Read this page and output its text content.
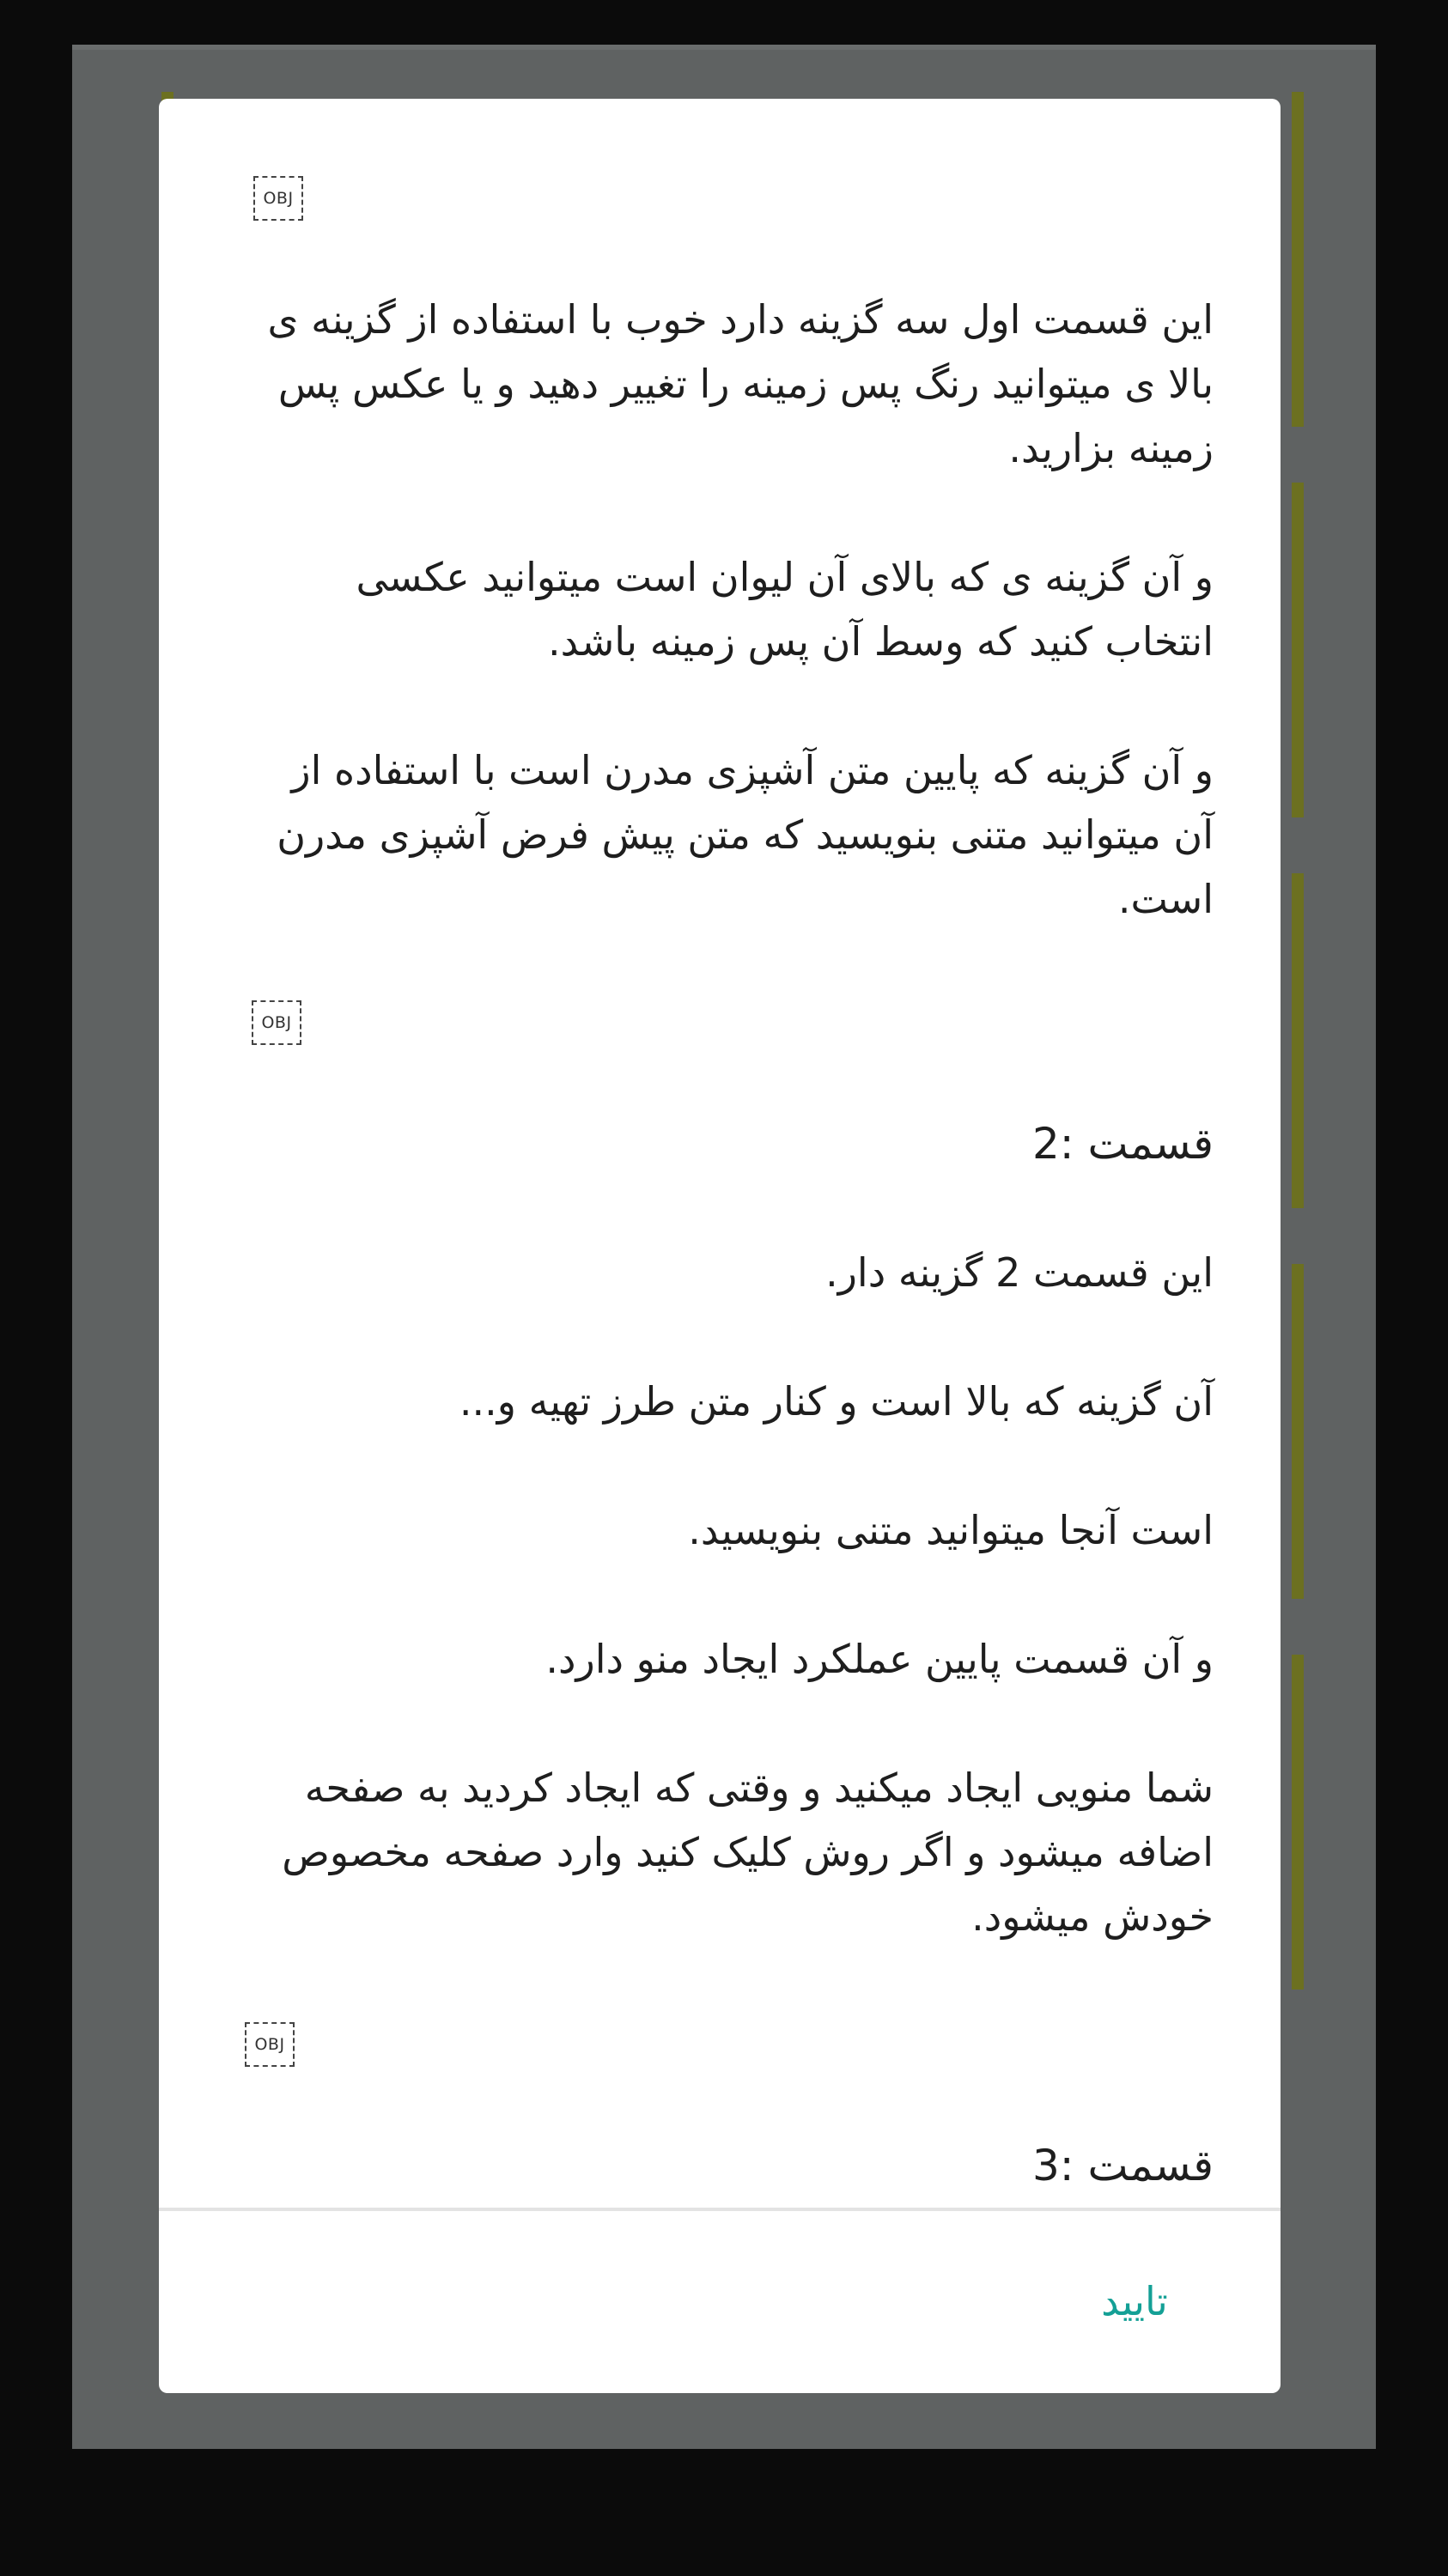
OBJ
این قسمت اول سه گزینه دارد خوب با استفاده از گزینه ی بالا ی میتوانید رنگ پس زمینه را تغییر دهید و یا عکس پس زمینه بزارید.
و آن گزینه ی که بالای آن لیوان است میتوانید عکسی انتخاب کنید که وسط آن پس زمینه باشد.
و آن گزینه که پایین متن آشپزی مدرن است با استفاده از آن میتوانید متنی بنویسید که متن پیش فرض آشپزی مدرن است.
OBJ
قسمت :2
این قسمت 2 گزینه دار.
آن گزینه که بالا است و کنار متن طرز تهیه و...
است آنجا میتوانید متنی بنویسید.
و آن قسمت پایین عملکرد ایجاد منو دارد.
شما منویی ایجاد میکنید و وقتی که ایجاد کردید به صفحه اضافه میشود و اگر روش کلیک کنید وارد صفحه مخصوص خودش میشود.
OBJ
قسمت :3
تایید
